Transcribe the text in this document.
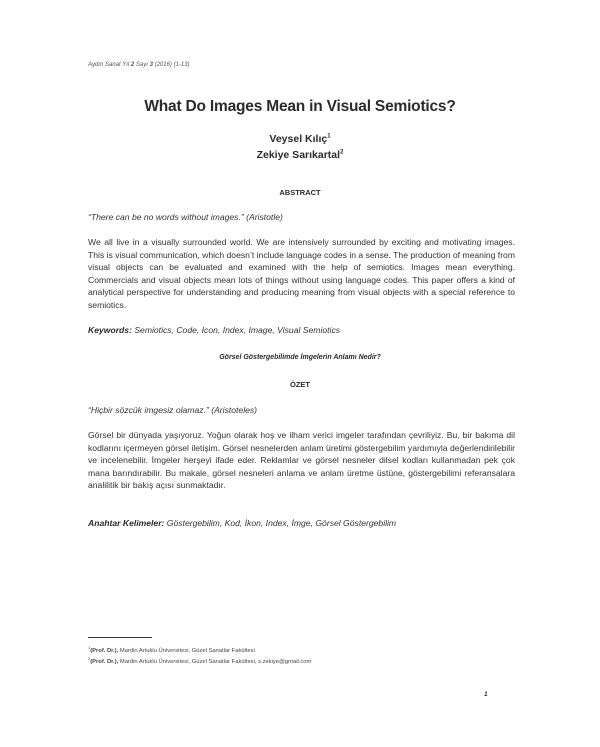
Aydın Sanat Yıl 2 Sayı 3 (2016) (1-13)
What Do Images Mean in Visual Semiotics?
Veysel Kılıç$^1$
Zekiye Sarıkartal$^2$
ABSTRACT
“There can be no words without images.” (Aristotle)
We all live in a visually surrounded world. We are intensively surrounded by exciting and motivating images. This is visual communication, which doesn’t include language codes in a sense. The production of meaning from visual objects can be evaluated and examined with the help of semiotics. Images mean everything. Commercials and visual objects mean lots of things without using language codes. This paper offers a kind of analytical perspective for understanding and producing meaning from visual objects with a special reference to semiotics.
Keywords: Semiotics, Code, Icon, Index, Image, Visual Semiotics
Görsel Göstergebilimde İmgelerin Anlamı Nedir?
ÖZET
“Hiçbir sözcük imgesiz olamaz.” (Aristoteles)
Görsel bir dünyada yaşıyoruz. Yoğun olarak hoş ve ilham verici imgeler tarafından çevriliyiz. Bu, bir bakıma dil kodlarını içermeyen görsel iletişim. Görsel nesnelerden anlam üretimi göstergebilim yardımıyla değerlendirilebilir ve incelenebilir. İmgeler herşeyi ifade eder. Reklamlar ve görsel nesneler dilsel kodları kullanmadan pek çok mana barındırabilir. Bu makale, görsel nesneleri anlama ve anlam üretme üstüne, göstergebilimi referansalara analilitik bir bakış açısı sunmaktadır.
Anahtar Kelimeler: Göstergebilim, Kod, İkon, Index, İmge, Görsel Göstergebilim
$^1$(Prof. Dr.), Mardin Artuklu Üniversitesi, Güzel Sanatlar Fakültesi
$^2$(Prof. Dr.), Mardin Artuklu Üniversitesi, Güzel Sanatlar Fakültesi, s.zekiye@gmail.com
1
